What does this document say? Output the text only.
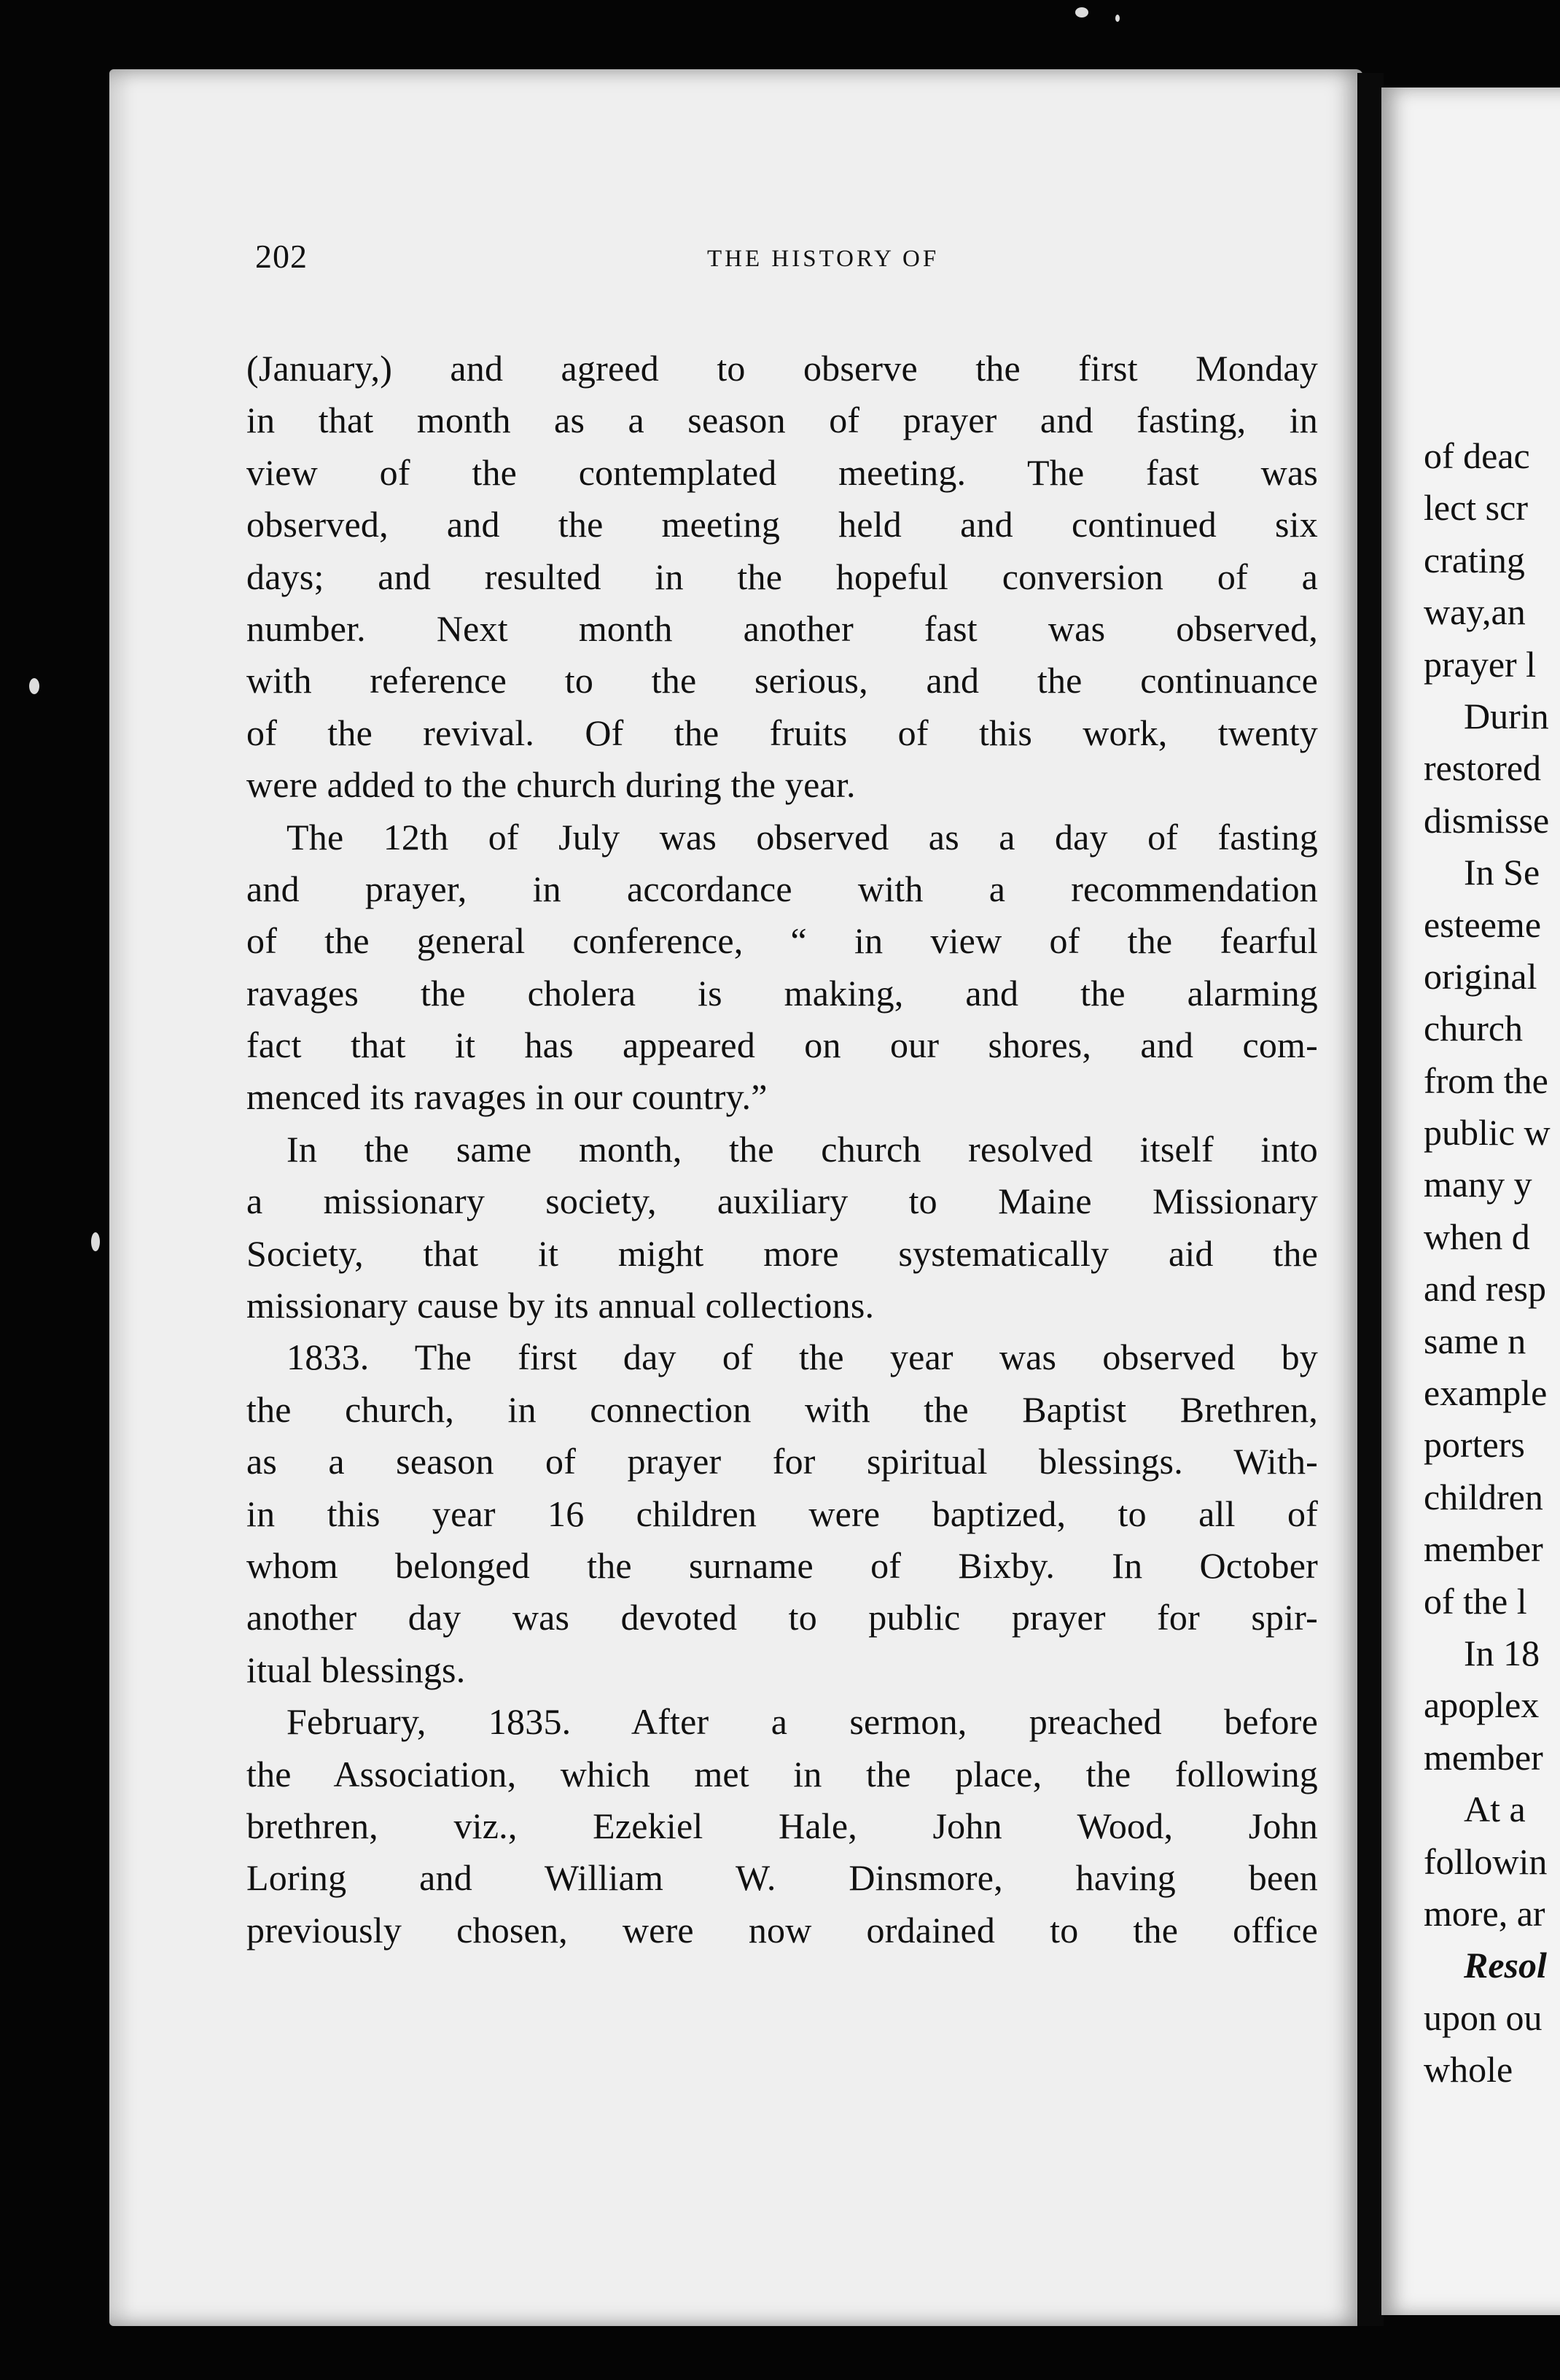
of deac
lect scr
crating
way,an
prayer l
Durin
restored
dismisse
In Se
esteeme
original
church
from the
public w
many y
when d
and resp
same n
example
porters
children
member
of the l
In 18
apoplex
member
At a
followin
more, ar
Resol
upon ou
whole
202	THE HISTORY OF
(January,) and agreed to observe the first Monday
in that month as a season of prayer and fasting, in
view of the contemplated meeting. The fast was
observed, and the meeting held and continued six
days; and resulted in the hopeful conversion of a
number. Next month another fast was observed,
with reference to the serious, and the continuance
of the revival. Of the fruits of this work, twenty
were added to the church during the year.
The 12th of July was observed as a day of fasting
and prayer, in accordance with a recommendation
of the general conference, “ in view of the fearful
ravages the cholera is making, and the alarming
fact that it has appeared on our shores, and com-
menced its ravages in our country.”
In the same month, the church resolved itself into
a missionary society, auxiliary to Maine Missionary
Society, that it might more systematically aid the
missionary cause by its annual collections.
1833. The first day of the year was observed by
the church, in connection with the Baptist Brethren,
as a season of prayer for spiritual blessings. With-
in this year 16 children were baptized, to all of
whom belonged the surname of Bixby. In October
another day was devoted to public prayer for spir-
itual blessings.
February, 1835. After a sermon, preached before
the Association, which met in the place, the following
brethren, viz., Ezekiel Hale, John Wood, John
Loring and William W. Dinsmore, having been
previously chosen, were now ordained to the office
